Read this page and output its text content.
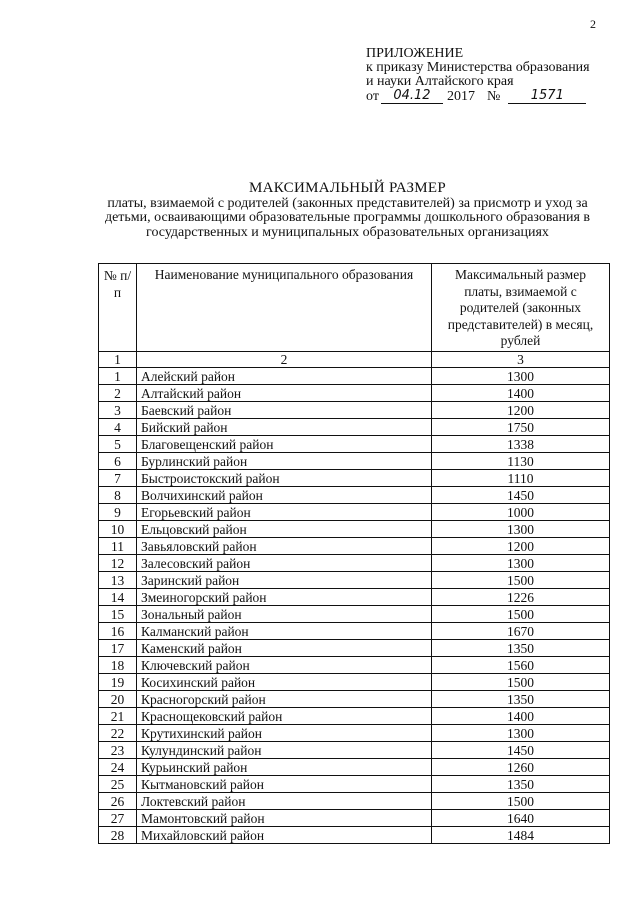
2
ПРИЛОЖЕНИЕ
к приказу Министерства образования
и науки Алтайского края
от	04.12	2017 №	1571
МАКСИМАЛЬНЫЙ РАЗМЕР
платы, взимаемой с родителей (законных представителей) за присмотр и уход за детьми, осваивающими образовательные программы дошкольного образования в государственных и муниципальных образовательных организациях
№ п/п	Наименование муниципального образования	Максимальный размер платы, взимаемой с родителей (законных представителей) в месяц, рублей
1	2	3
1	Алейский район	1300
2	Алтайский район	1400
3	Баевский район	1200
4	Бийский район	1750
5	Благовещенский район	1338
6	Бурлинский район	1130
7	Быстроистокский район	1110
8	Волчихинский район	1450
9	Егорьевский район	1000
10	Ельцовский район	1300
11	Завьяловский район	1200
12	Залесовский район	1300
13	Заринский район	1500
14	Змеиногорский район	1226
15	Зональный район	1500
16	Калманский район	1670
17	Каменский район	1350
18	Ключевский район	1560
19	Косихинский район	1500
20	Красногорский район	1350
21	Краснощековский район	1400
22	Крутихинский район	1300
23	Кулундинский район	1450
24	Курьинский район	1260
25	Кытмановский район	1350
26	Локтевский район	1500
27	Мамонтовский район	1640
28	Михайловский район	1484
